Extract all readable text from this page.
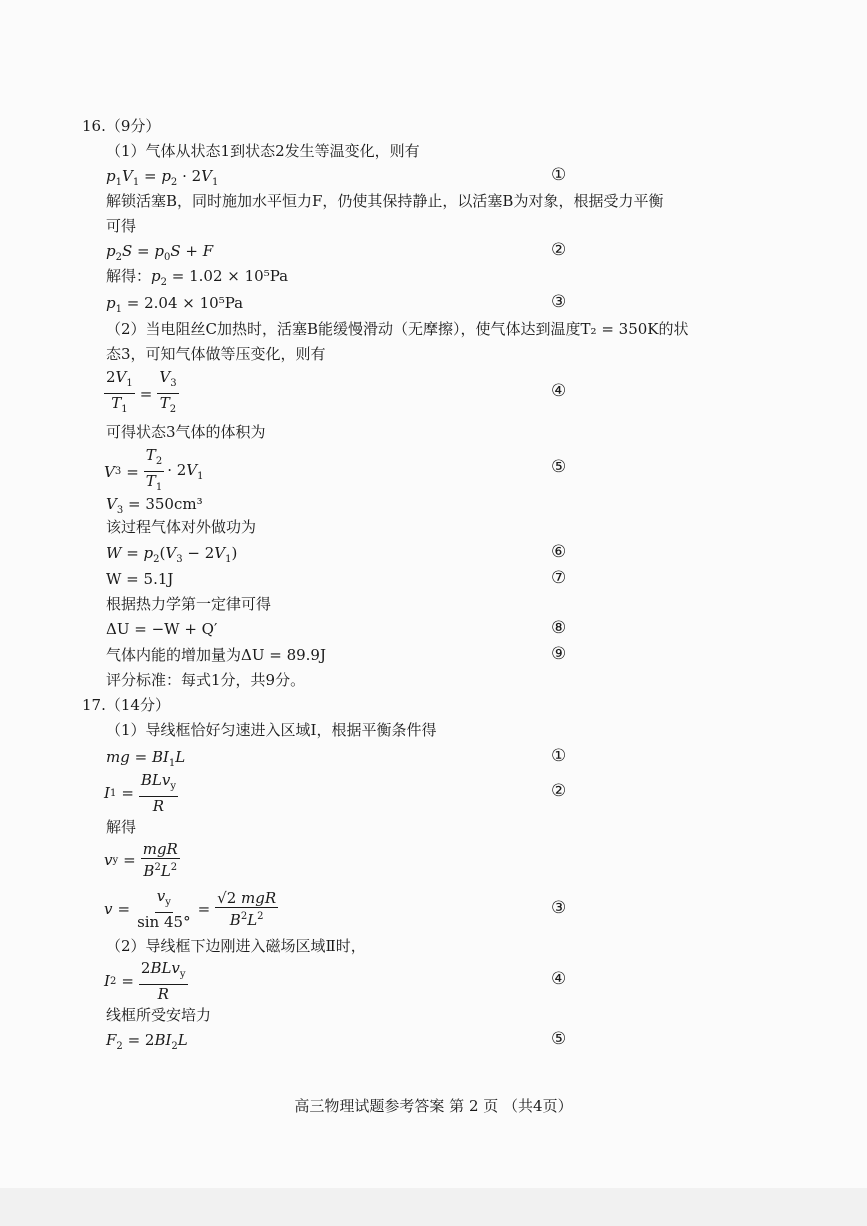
16.（9分）
（1）气体从状态1到状态2发生等温变化，则有
$p_1V_1 = p_2 \cdot 2V_1$	①
解锁活塞B，同时施加水平恒力F，仍使其保持静止，以活塞B为对象，根据受力平衡
可得
$p_2S = p_0S + F$	②
解得：$p_2 = 1.02 \times 10^5Pa$
$p_1 = 2.04 \times 10^5Pa$	③
（2）当电阻丝C加热时，活塞B能缓慢滑动（无摩擦），使气体达到温度T₂ = 350K的状
态3，可知气体做等压变化，则有
$\frac{2V_1}{T_1} = \frac{V_3}{T_2}$	④
可得状态3气体的体积为
V $3 = \frac{T_2}{T_1} \cdot 2V_1$	⑤
$V_3 = 350cm^3$
该过程气体对外做功为
$W = p_2(V_3 - 2V_1)$	⑥
W = 5.1J	⑦
根据热力学第一定律可得
ΔU = −W + Q′	⑧
气体内能的增加量为ΔU = 89.9J	⑨
评分标准：每式1分，共9分。
17.（14分）
（1）导线框恰好匀速进入区域Ⅰ，根据平衡条件得
mg = $BI_1L$	①
I $1 = \frac{BLv_y}{R}$	②
解得
v $y = \frac{\text{mgR}}{B^2L^2}$
$v = \frac{v_y}{\sin 45^\circ} = \frac{\text{√2 mgR}}{B^2L^2}$	③
（2）导线框下边刚进入磁场区域Ⅱ时，
I $2 = \frac{2BLv_y}{R}$	④
线框所受安培力
$F_2 = 2BI_2L$	⑤
高三物理试题参考答案 第 2 页 （共4页）
